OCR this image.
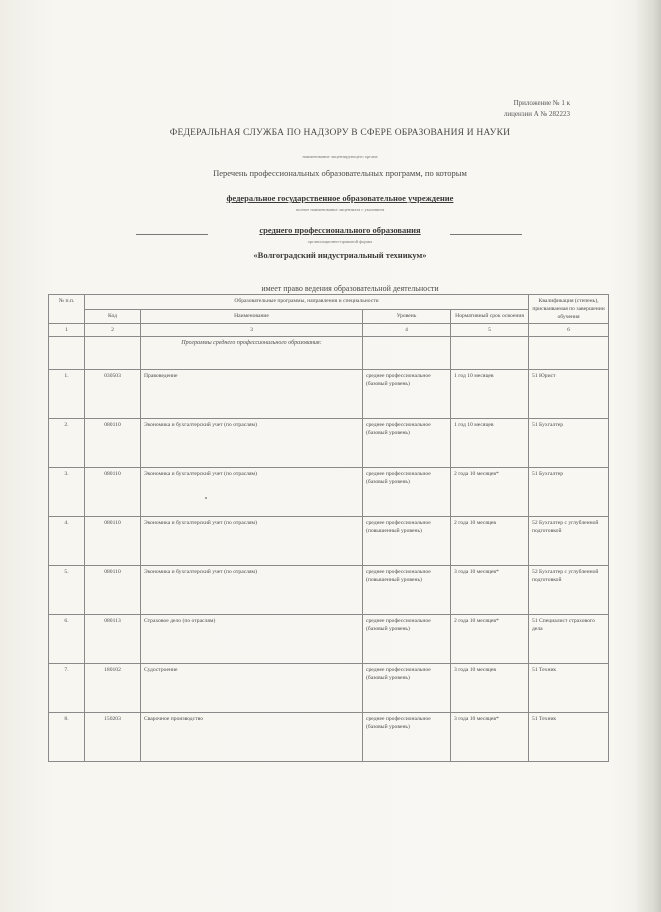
Приложение № 1 к
лицензии А № 282223
ФЕДЕРАЛЬНАЯ СЛУЖБА ПО НАДЗОРУ В СФЕРЕ ОБРАЗОВАНИЯ И НАУКИ
наименование лицензирующего органа
Перечень профессиональных образовательных программ, по которым
федеральное государственное образовательное учреждение
полное наименование лицензиата с указанием
среднего профессионального образования
организационно-правовой формы
«Волгоградский индустриальный техникум»
имеет право ведения образовательной деятельности
№ п.п.	Образовательные программы, направления и специальности				Квалификация (степень), присваиваемая по завершении обучения
	Код	Наименование	Уровень	Нормативный срок освоения	
1	2	3	4	5	6
		Программы среднего профессионального образования:			
1.	030503	Правоведение	среднее профессиональное (базовый уровень)	1 год 10 месяцев	51 Юрист
2.	080110	Экономика и бухгалтерский учет (по отраслям)	среднее профессиональное (базовый уровень)	1 год 10 месяцев	51 Бухгалтер
3.	080110	Экономика и бухгалтерский учет (по отраслям)	среднее профессиональное (базовый уровень)	2 года 10 месяцев*	51 Бухгалтер
4.	080110	Экономика и бухгалтерский учет (по отраслям)	среднее профессиональное (повышенный уровень)	2 года 10 месяцев	52 Бухгалтер с углубленной подготовкой
5.	080110	Экономика и бухгалтерский учет (по отраслям)	среднее профессиональное (повышенный уровень)	3 года 10 месяцев*	52 Бухгалтер с углубленной подготовкой
6.	080113	Страховое дело (по отраслям)	среднее профессиональное (базовый уровень)	2 года 10 месяцев*	51 Специалист страхового дела
7.	180102	Судостроение	среднее профессиональное (базовый уровень)	3 года 10 месяцев	51 Техник
8.	150203	Сварочное производство	среднее профессиональное (базовый уровень)	3 года 10 месяцев*	51 Техник
